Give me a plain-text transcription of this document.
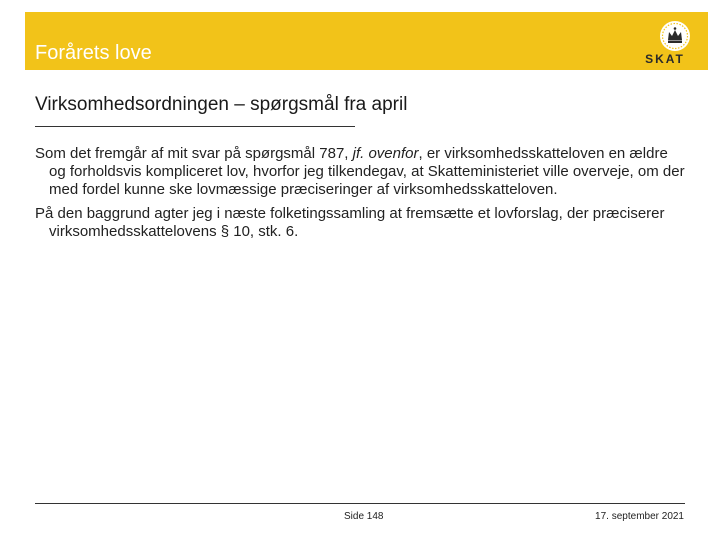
Forårets love	SKAT
Virksomhedsordningen – spørgsmål fra april

Som det fremgår af mit svar på spørgsmål 787, jf. ovenfor, er virksomhedsskatteloven en ældre og forholdsvis kompliceret lov, hvorfor jeg tilkendegav, at Skatteministeriet ville overveje, om der med fordel kunne ske lovmæssige præciseringer af virksomhedsskatteloven.

På den baggrund agter jeg i næste folketingssamling at fremsætte et lovforslag, der præciserer virksomhedsskattelovens § 10, stk. 6.

Side 148	17. september 2021
